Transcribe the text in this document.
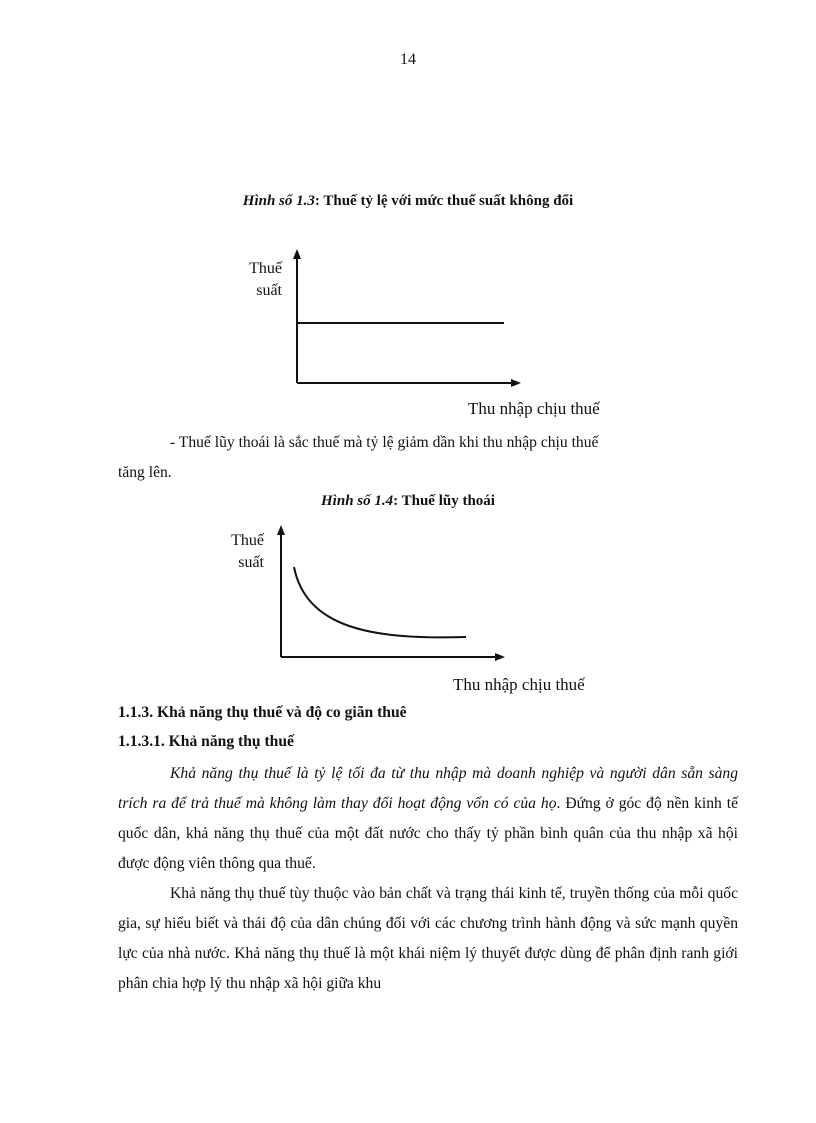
14
Hình số 1.3: Thuế tỷ lệ với mức thuế suất không đổi
Thuế
suất
Thu nhập chịu thuế
- Thuế lũy thoái là sắc thuế mà tỷ lệ giảm dần khi thu nhập chịu thuế
tăng lên.
Hình số 1.4: Thuế lũy thoái
Thuế
suất
Thu nhập chịu thuế
1.1.3. Khả năng thụ thuế và độ co giãn thuê
1.1.3.1. Khả năng thụ thuế
Khả năng thụ thuế là tỷ lệ tối đa từ thu nhập mà doanh nghiệp và người dân sẵn sàng trích ra để trả thuế mà không làm thay đổi hoạt động vốn có của họ. Đứng ở góc độ nền kinh tế quốc dân, khả năng thụ thuế của một đất nước cho thấy tỷ phần bình quân của thu nhập xã hội được động viên thông qua thuế.
Khả năng thụ thuế tùy thuộc vào bản chất và trạng thái kinh tế, truyền thống của mỗi quốc gia, sự hiểu biết và thái độ của dân chúng đối với các chương trình hành động và sức mạnh quyền lực của nhà nước. Khả năng thụ thuế là một khái niệm lý thuyết được dùng để phân định ranh giới phân chia hợp lý thu nhập xã hội giữa khu
